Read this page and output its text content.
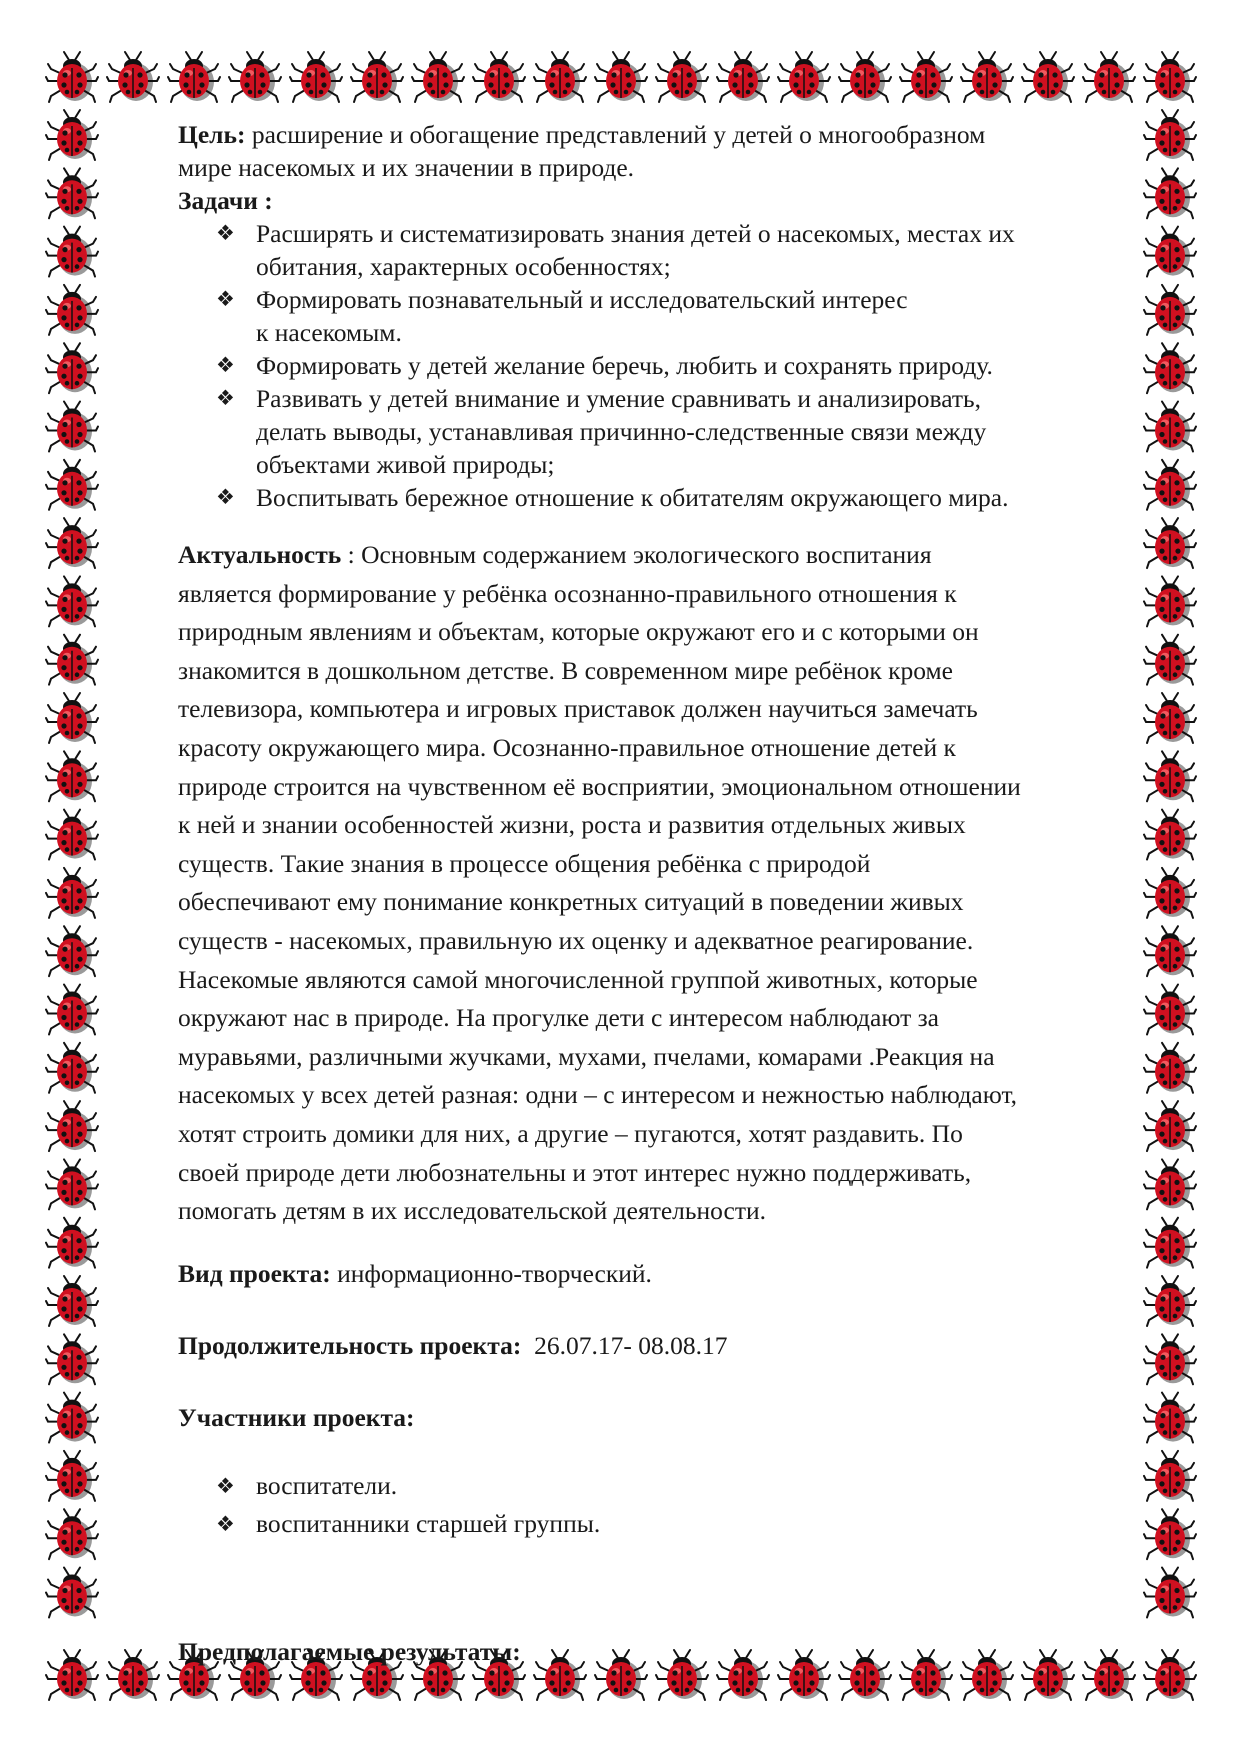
Цель: расширение и обогащение представлений у детей о многообразном
мире насекомых и их значении в природе.

Задачи :

❖ Расширять и систематизировать знания детей о насекомых, местах их
обитания, характерных особенностях;
❖ Формировать познавательный и исследовательский интерес
к насекомым.
❖ Формировать у детей желание беречь, любить и сохранять природу.
❖ Развивать у детей внимание и умение сравнивать и анализировать,
делать выводы, устанавливая причинно-следственные связи между
объектами живой природы;
❖ Воспитывать бережное отношение к обитателям окружающего мира.

Актуальность : Основным содержанием экологического воспитания
является формирование у ребёнка осознанно-правильного отношения к
природным явлениям и объектам, которые окружают его и с которыми он
знакомится в дошкольном детстве. В современном мире ребёнок кроме
телевизора, компьютера и игровых приставок должен научиться замечать
красоту окружающего мира. Осознанно-правильное отношение детей к
природе строится на чувственном её восприятии, эмоциональном отношении
к ней и знании особенностей жизни, роста и развития отдельных живых
существ. Такие знания в процессе общения ребёнка с природой
обеспечивают ему понимание конкретных ситуаций в поведении живых
существ - насекомых, правильную их оценку и адекватное реагирование.
Насекомые являются самой многочисленной группой животных, которые
окружают нас в природе. На прогулке дети с интересом наблюдают за
муравьями, различными жучками, мухами, пчелами, комарами .Реакция на
насекомых у всех детей разная: одни – с интересом и нежностью наблюдают,
хотят строить домики для них, а другие – пугаются, хотят раздавить. По
своей природе дети любознательны и этот интерес нужно поддерживать,
помогать детям в их исследовательской деятельности.

Вид проекта: информационно-творческий.

Продолжительность проекта:  26.07.17- 08.08.17

Участники проекта:

❖ воспитатели.
❖ воспитанники старшей группы.

Предполагаемые результаты:
